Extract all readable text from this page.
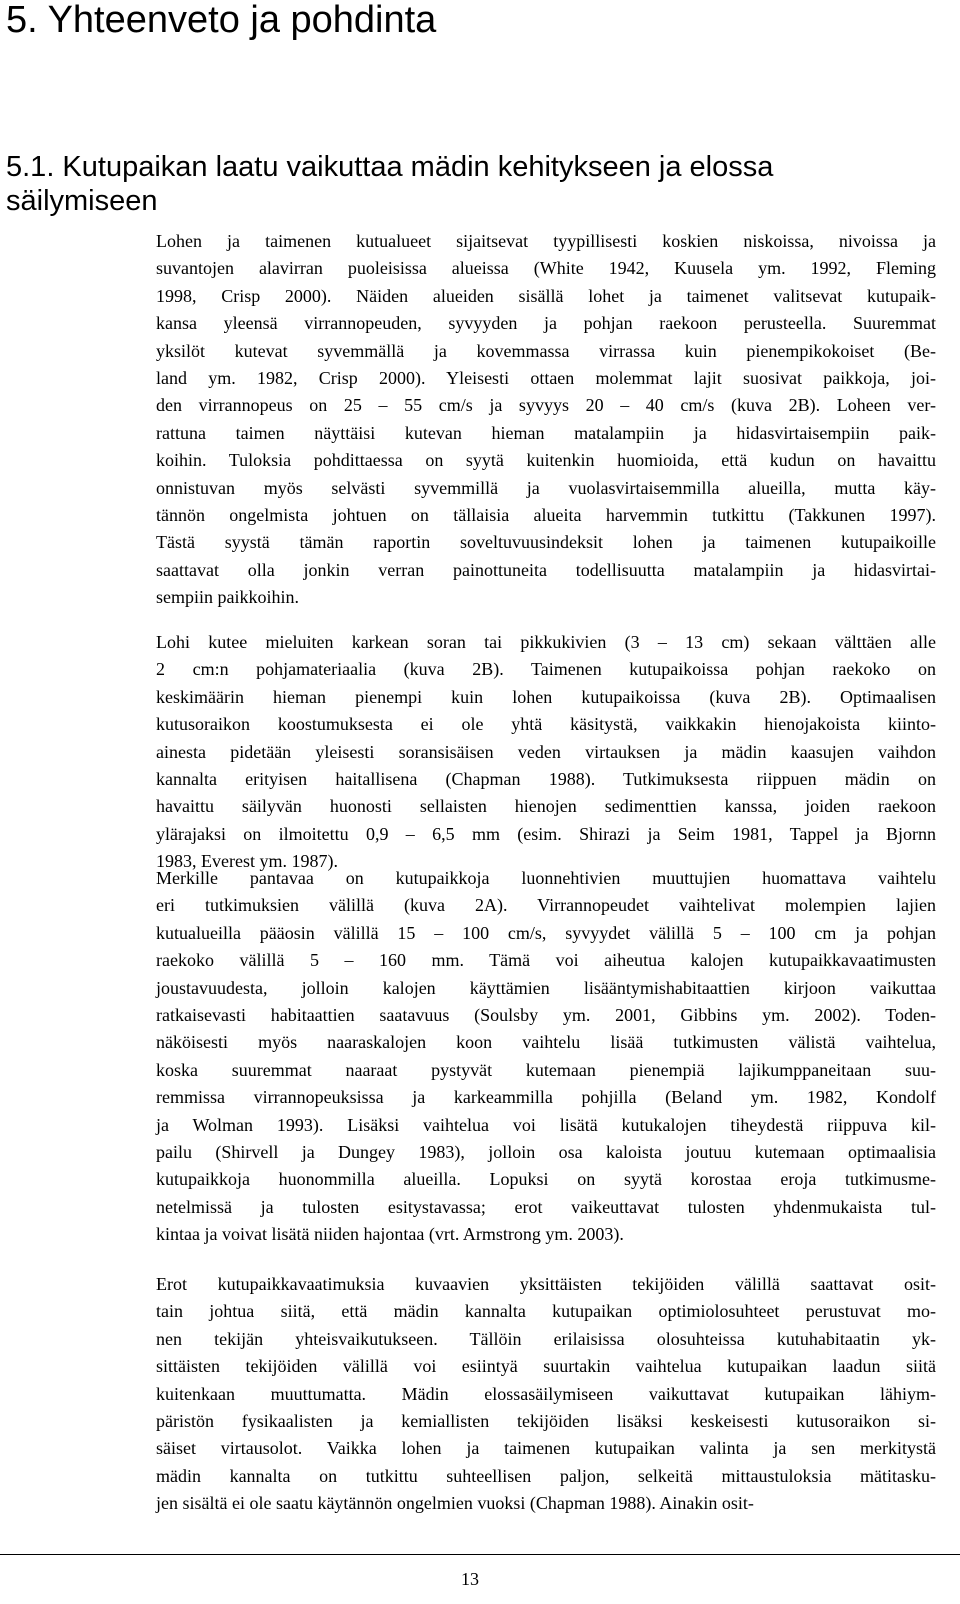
5. Yhteenveto ja pohdinta
5.1. Kutupaikan laatu vaikuttaa mädin kehitykseen ja elossa säilymiseen
Lohen ja taimenen kutualueet sijaitsevat tyypillisesti koskien niskoissa, nivoissa ja
suvantojen alavirran puoleisissa alueissa (White 1942, Kuusela ym. 1992, Fleming
1998, Crisp 2000). Näiden alueiden sisällä lohet ja taimenet valitsevat kutupaik-
kansa yleensä virrannopeuden, syvyyden ja pohjan raekoon perusteella. Suuremmat
yksilöt kutevat syvemmällä ja kovemmassa virrassa kuin pienempikokoiset (Be-
land ym. 1982, Crisp 2000). Yleisesti ottaen molemmat lajit suosivat paikkoja, joi-
den virrannopeus on 25 – 55 cm/s ja syvyys 20 – 40 cm/s (kuva 2B). Loheen ver-
rattuna taimen näyttäisi kutevan hieman matalampiin ja hidasvirtaisempiin paik-
koihin. Tuloksia pohdittaessa on syytä kuitenkin huomioida, että kudun on havaittu
onnistuvan myös selvästi syvemmillä ja vuolasvirtaisemmilla alueilla, mutta käy-
tännön ongelmista johtuen on tällaisia alueita harvemmin tutkittu (Takkunen 1997).
Tästä syystä tämän raportin soveltuvuusindeksit lohen ja taimenen kutupaikoille
saattavat olla jonkin verran painottuneita todellisuutta matalampiin ja hidasvirtai-
sempiin paikkoihin.
Lohi kutee mieluiten karkean soran tai pikkukivien (3 – 13 cm) sekaan välttäen alle
2 cm:n pohjamateriaalia (kuva 2B). Taimenen kutupaikoissa pohjan raekoko on
keskimäärin hieman pienempi kuin lohen kutupaikoissa (kuva 2B). Optimaalisen
kutusoraikon koostumuksesta ei ole yhtä käsitystä, vaikkakin hienojakoista kiinto-
ainesta pidetään yleisesti soransisäisen veden virtauksen ja mädin kaasujen vaihdon
kannalta erityisen haitallisena (Chapman 1988). Tutkimuksesta riippuen mädin on
havaittu säilyvän huonosti sellaisten hienojen sedimenttien kanssa, joiden raekoon
ylärajaksi on ilmoitettu 0,9 – 6,5 mm (esim. Shirazi ja Seim 1981, Tappel ja Bjornn
1983, Everest ym. 1987).
Merkille pantavaa on kutupaikkoja luonnehtivien muuttujien huomattava vaihtelu
eri tutkimuksien välillä (kuva 2A). Virrannopeudet vaihtelivat molempien lajien
kutualueilla pääosin välillä 15 – 100 cm/s, syvyydet välillä 5 – 100 cm ja pohjan
raekoko välillä 5 – 160 mm. Tämä voi aiheutua kalojen kutupaikkavaatimusten
joustavuudesta, jolloin kalojen käyttämien lisääntymishabitaattien kirjoon vaikuttaa
ratkaisevasti habitaattien saatavuus (Soulsby ym. 2001, Gibbins ym. 2002). Toden-
näköisesti myös naaraskalojen koon vaihtelu lisää tutkimusten välistä vaihtelua,
koska suuremmat naaraat pystyvät kutemaan pienempiä lajikumppaneitaan suu-
remmissa virrannopeuksissa ja karkeammilla pohjilla (Beland ym. 1982, Kondolf
ja Wolman 1993). Lisäksi vaihtelua voi lisätä kutukalojen tiheydestä riippuva kil-
pailu (Shirvell ja Dungey 1983), jolloin osa kaloista joutuu kutemaan optimaalisia
kutupaikkoja huonommilla alueilla. Lopuksi on syytä korostaa eroja tutkimusme-
netelmissä ja tulosten esitystavassa; erot vaikeuttavat tulosten yhdenmukaista tul-
kintaa ja voivat lisätä niiden hajontaa (vrt. Armstrong ym. 2003).
Erot kutupaikkavaatimuksia kuvaavien yksittäisten tekijöiden välillä saattavat osit-
tain johtua siitä, että mädin kannalta kutupaikan optimiolosuhteet perustuvat mo-
nen tekijän yhteisvaikutukseen. Tällöin erilaisissa olosuhteissa kutuhabitaatin yk-
sittäisten tekijöiden välillä voi esiintyä suurtakin vaihtelua kutupaikan laadun siitä
kuitenkaan muuttumatta. Mädin elossasäilymiseen vaikuttavat kutupaikan lähiym-
päristön fysikaalisten ja kemiallisten tekijöiden lisäksi keskeisesti kutusoraikon si-
säiset virtausolot. Vaikka lohen ja taimenen kutupaikan valinta ja sen merkitystä
mädin kannalta on tutkittu suhteellisen paljon, selkeitä mittaustuloksia mätitasku-
jen sisältä ei ole saatu käytännön ongelmien vuoksi (Chapman 1988). Ainakin osit-
13
